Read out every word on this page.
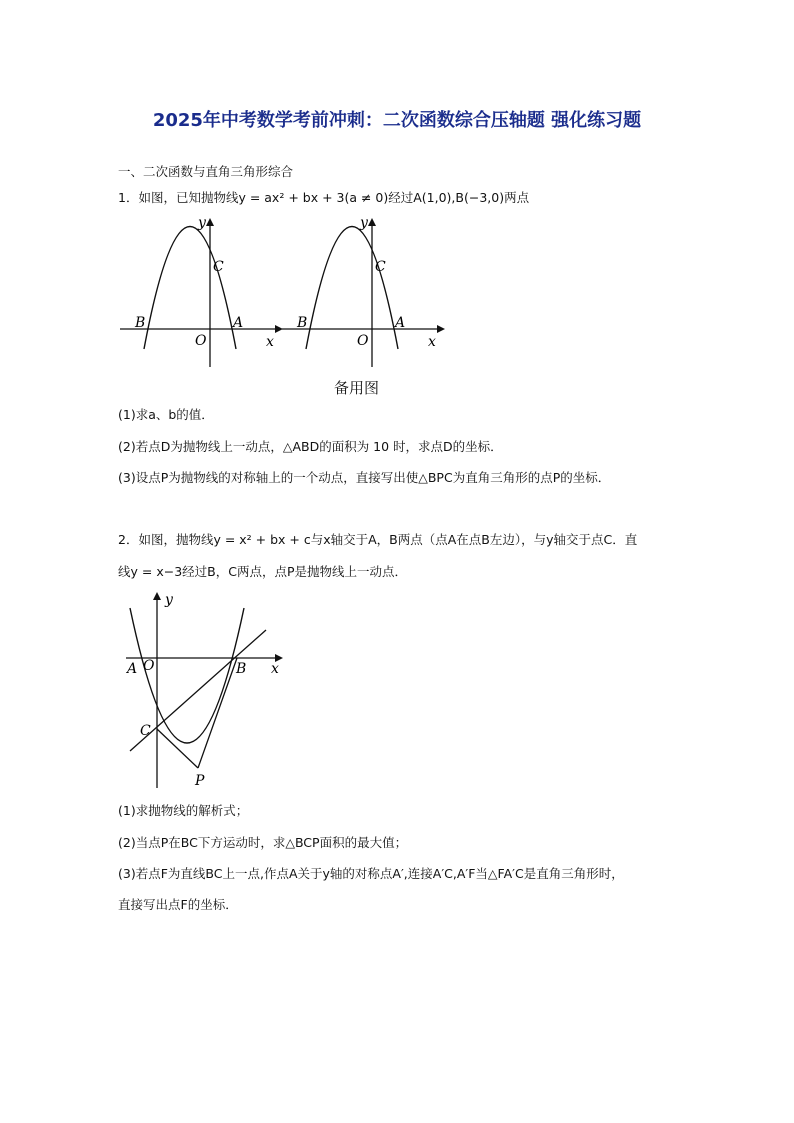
2025年中考数学考前冲刺：二次函数综合压轴题 强化练习题
一、二次函数与直角三角形综合
1．如图，已知抛物线y = ax² + bx + 3(a ≠ 0)经过A(1,0),B(−3,0)两点
y
x
O
B	A
C
y
x
O
B	A
C
备用图
(1)求a、b的值．
(2)若点D为抛物线上一动点，△ABD的面积为 10 时，求点D的坐标．
(3)设点P为抛物线的对称轴上的一个动点，直接写出使△BPC为直角三角形的点P的坐标．
2．如图，抛物线y = x² + bx + c与x轴交于A，B两点（点A在点B左边），与y轴交于点C．直
线y = x−3经过B，C两点，点P是抛物线上一动点．
y
x
A O	B
C
P
(1)求抛物线的解析式；
(2)当点P在BC下方运动时，求△BCP面积的最大值；
(3)若点F为直线BC上一点,作点A关于y轴的对称点A′,连接A′C,A′F当△FA′C是直角三角形时，
直接写出点F的坐标．
